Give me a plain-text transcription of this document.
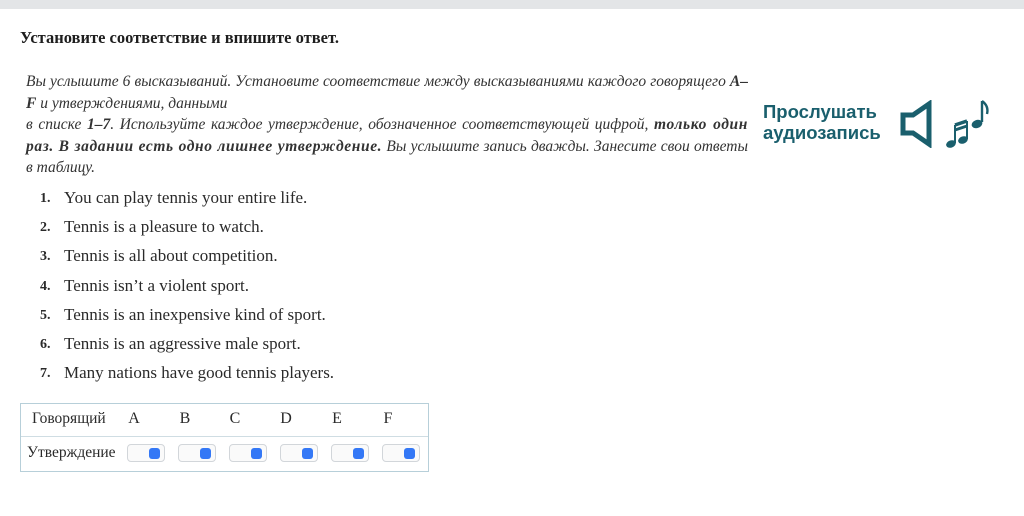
Установите соответствие и впишите ответ.

Вы услышите 6 высказываний. Установите соответствие между высказываниями каждого говорящего A–F и утверждениями, данными

в списке 1–7. Используйте каждое утверждение, обозначенное соответствующей цифрой, только один раз. В задании есть одно лишнее утверждение. Вы услышите запись дважды. Занесите свои ответы в таблицу.

Прослушать
аудиозапись
1. You can play tennis your entire life.
2. Tennis is a pleasure to watch.
3. Tennis is all about competition.
4. Tennis isn’t a violent sport.
5. Tennis is an inexpensive kind of sport.
6. Tennis is an aggressive male sport.
7. Many nations have good tennis players.
Говорящий A B C D	E	F
Утверждение
